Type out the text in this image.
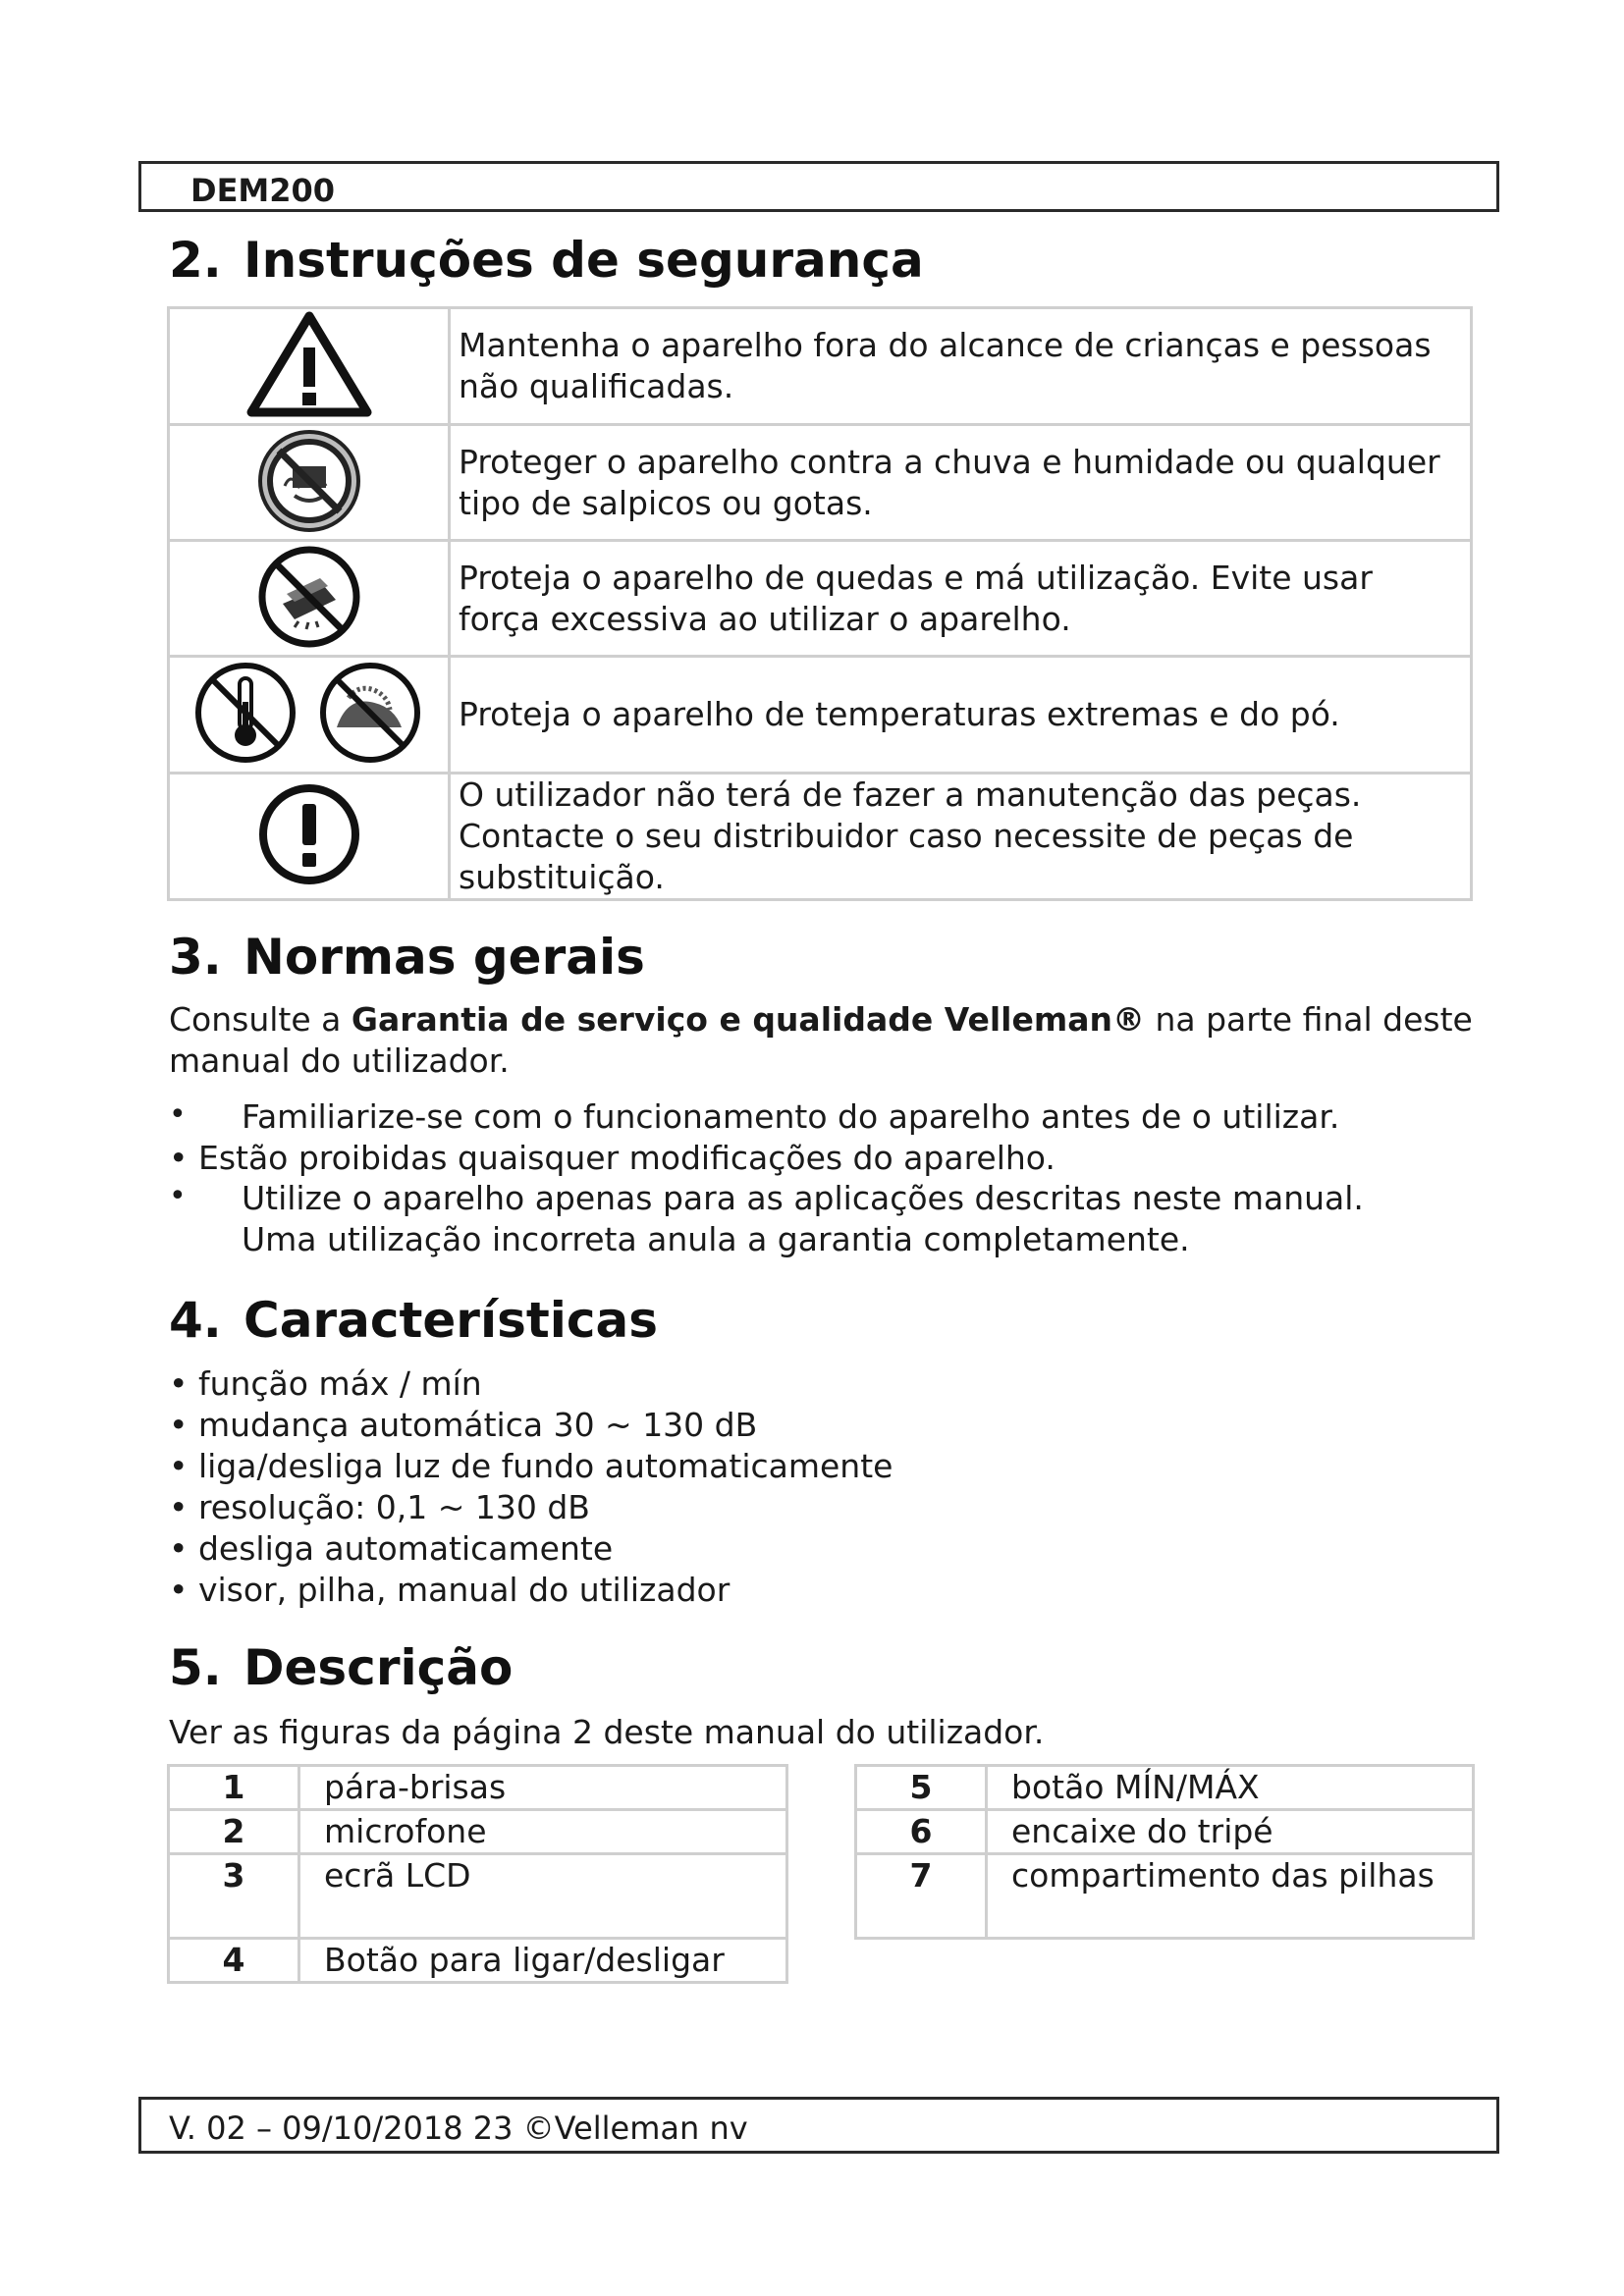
DEM200
2. Instruções de segurança
	Mantenha o aparelho fora do alcance de crianças e pessoas não qualificadas.
	Proteger o aparelho contra a chuva e humidade ou qualquer tipo de salpicos ou gotas.
	Proteja o aparelho de quedas e má utilização. Evite usar força excessiva ao utilizar o aparelho.
	Proteja o aparelho de temperaturas extremas e do pó.
	O utilizador não terá de fazer a manutenção das peças. Contacte o seu distribuidor caso necessite de peças de substituição.
3. Normas gerais
Consulte a Garantia de serviço e qualidade Velleman® na parte final deste manual do utilizador.
• Familiarize-se com o funcionamento do aparelho antes de o utilizar.
• Estão proibidas quaisquer modificações do aparelho.
• Utilize o aparelho apenas para as aplicações descritas neste manual. Uma utilização incorreta anula a garantia completamente.
4. Características
• função máx / mín
• mudança automática 30 ~ 130 dB
• liga/desliga luz de fundo automaticamente
• resolução: 0,1 ~ 130 dB
• desliga automaticamente
• visor, pilha, manual do utilizador
5. Descrição
Ver as figuras da página 2 deste manual do utilizador.
1	pára-brisas
2	microfone
3	ecrã LCD
4	Botão para ligar/desligar
5	botão MÍN/MÁX
6	encaixe do tripé
7	compartimento das pilhas
V. 02 – 09/10/2018 23 ©Velleman nv
